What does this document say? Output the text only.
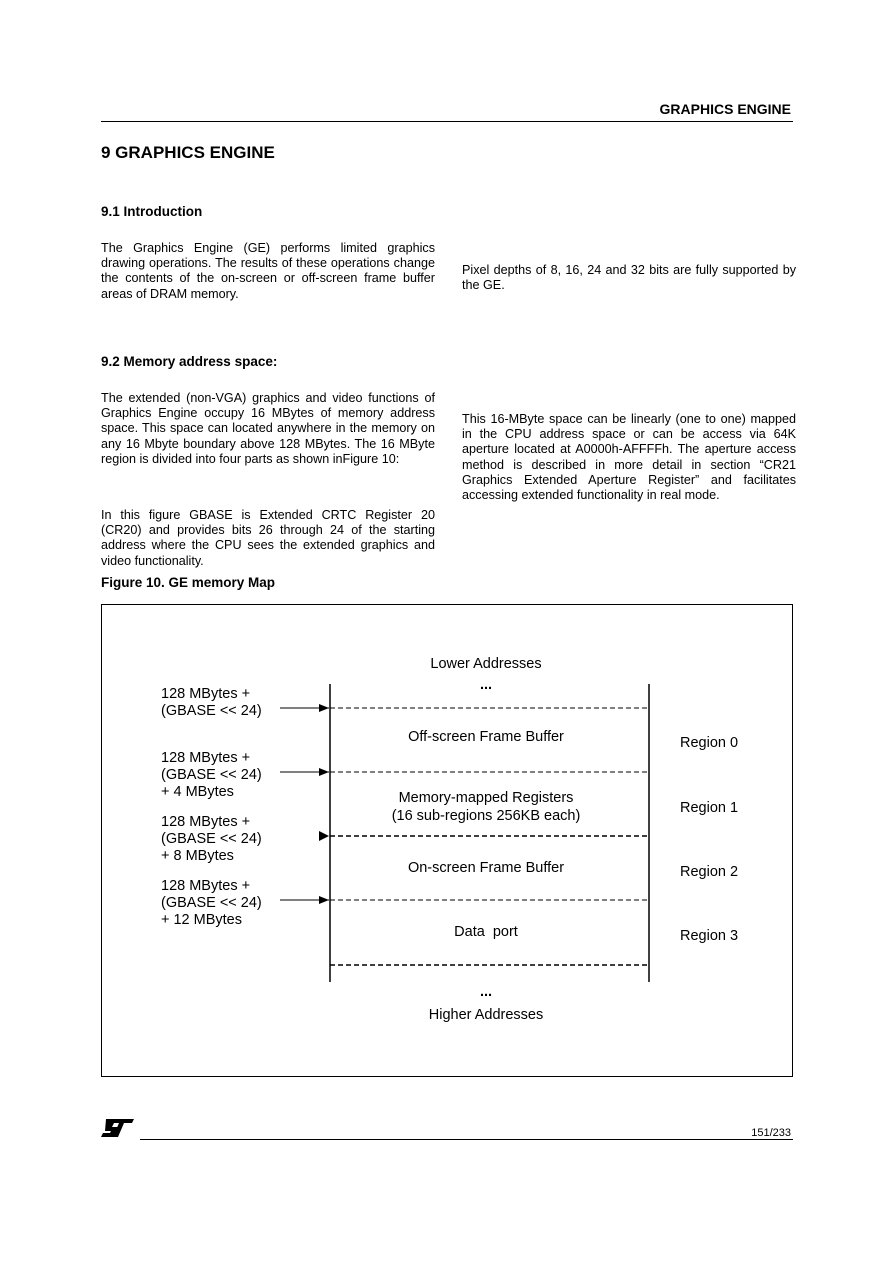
GRAPHICS ENGINE
9 GRAPHICS ENGINE
9.1 Introduction
The Graphics Engine (GE) performs limited graphics drawing operations. The results of these operations change the contents of the on-screen or off-screen frame buffer areas of DRAM memory.
Pixel depths of 8, 16, 24 and 32 bits are fully supported by the GE.
9.2 Memory address space:
The extended (non-VGA) graphics and video functions of Graphics Engine occupy 16 MBytes of memory address space. This space can located anywhere in the memory on any 16 Mbyte boundary above 128 MBytes. The 16 MByte region is divided into four parts as shown inFigure 10:
In this figure GBASE is Extended CRTC Register 20 (CR20) and provides bits 26 through 24 of the starting address where the CPU sees the extended graphics and video functionality.
This 16-MByte space can be linearly (one to one) mapped in the CPU address space or can be access via 64K aperture located at A0000h-AFFFFh. The aperture access method is described in more detail in section “CR21 Graphics Extended Aperture Register” and facilitates accessing extended functionality in real mode.
Figure 10. GE memory Map
Lower Addresses
...
...
Higher Addresses
128 MBytes +
(GBASE << 24)
128 MBytes +
(GBASE << 24)
+ 4 MBytes
128 MBytes +
(GBASE << 24)
+ 8 MBytes
128 MBytes +
(GBASE << 24)
+ 12 MBytes
Off-screen Frame Buffer
Memory-mapped Registers
(16 sub-regions 256KB each)
On-screen Frame Buffer
Data  port
Region 0
Region 1
Region 2
Region 3
151/233
